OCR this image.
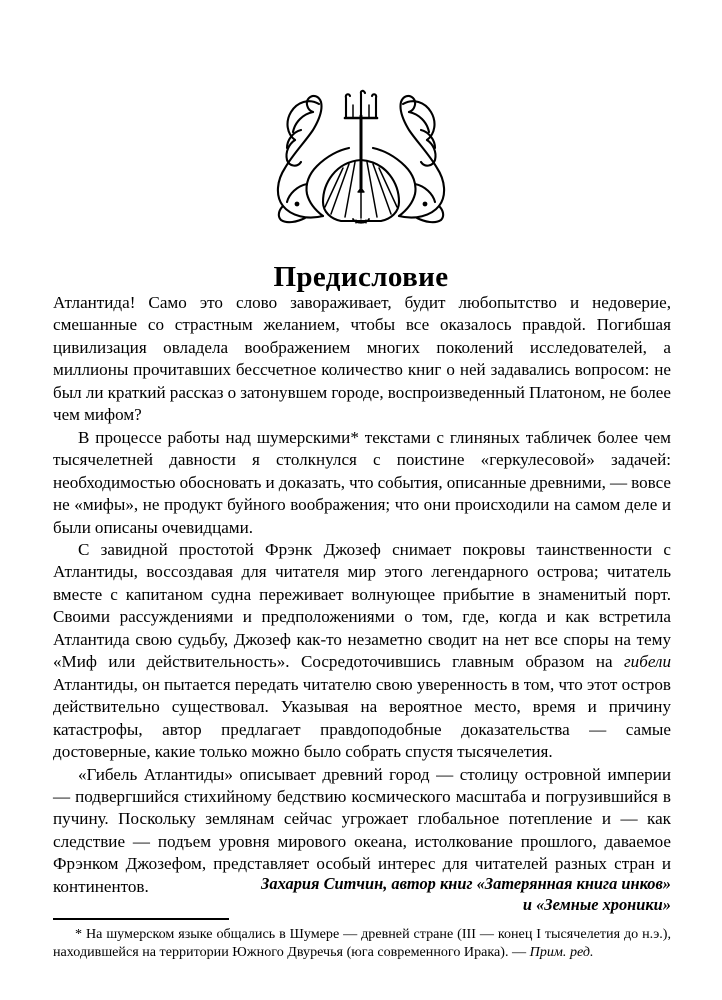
Предисловие

Атлантида! Само это слово завораживает, будит любопытство и недоверие, смешанные со страстным желанием, чтобы все оказалось правдой. Погибшая цивилизация овладела воображением многих поколений исследователей, а миллионы прочитавших бессчетное количество книг о ней задавались вопросом: не был ли краткий рассказ о затонувшем городе, воспроизведенный Платоном, не более чем мифом?

В процессе работы над шумерскими* текстами с глиняных табличек более чем тысячелетней давности я столкнулся с поистине «геркулесовой» задачей: необходимостью обосновать и доказать, что события, описанные древними, — вовсе не «мифы», не продукт буйного воображения; что они происходили на самом деле и были описаны очевидцами.

С завидной простотой Фрэнк Джозеф снимает покровы таинственности с Атлантиды, воссоздавая для читателя мир этого легендарного острова; читатель вместе с капитаном судна переживает волнующее прибытие в знаменитый порт. Своими рассуждениями и предположениями о том, где, когда и как встретила Атлантида свою судьбу, Джозеф как-то незаметно сводит на нет все споры на тему «Миф или действительность». Сосредоточившись главным образом на гибели Атлантиды, он пытается передать читателю свою уверенность в том, что этот остров действительно существовал. Указывая на вероятное место, время и причину катастрофы, автор предлагает правдоподобные доказательства — самые достоверные, какие только можно было собрать спустя тысячелетия.

«Гибель Атлантиды» описывает древний город — столицу островной империи — подвергшийся стихийному бедствию космического масштаба и погрузившийся в пучину. Поскольку землянам сейчас угрожает глобальное потепление и — как следствие — подъем уровня мирового океана, истолкование прошлого, даваемое Фрэнком Джозефом, представляет особый интерес для читателей разных стран и континентов.	Захария Ситчин, автор книг «Затерянная книга инков»
и «Земные хроники»
* На шумерском языке общались в Шумере — древней стране (III — конец I тысячелетия до н.э.), находившейся на территории Южного Двуречья (юга современного Ирака). — Прим. ред.
